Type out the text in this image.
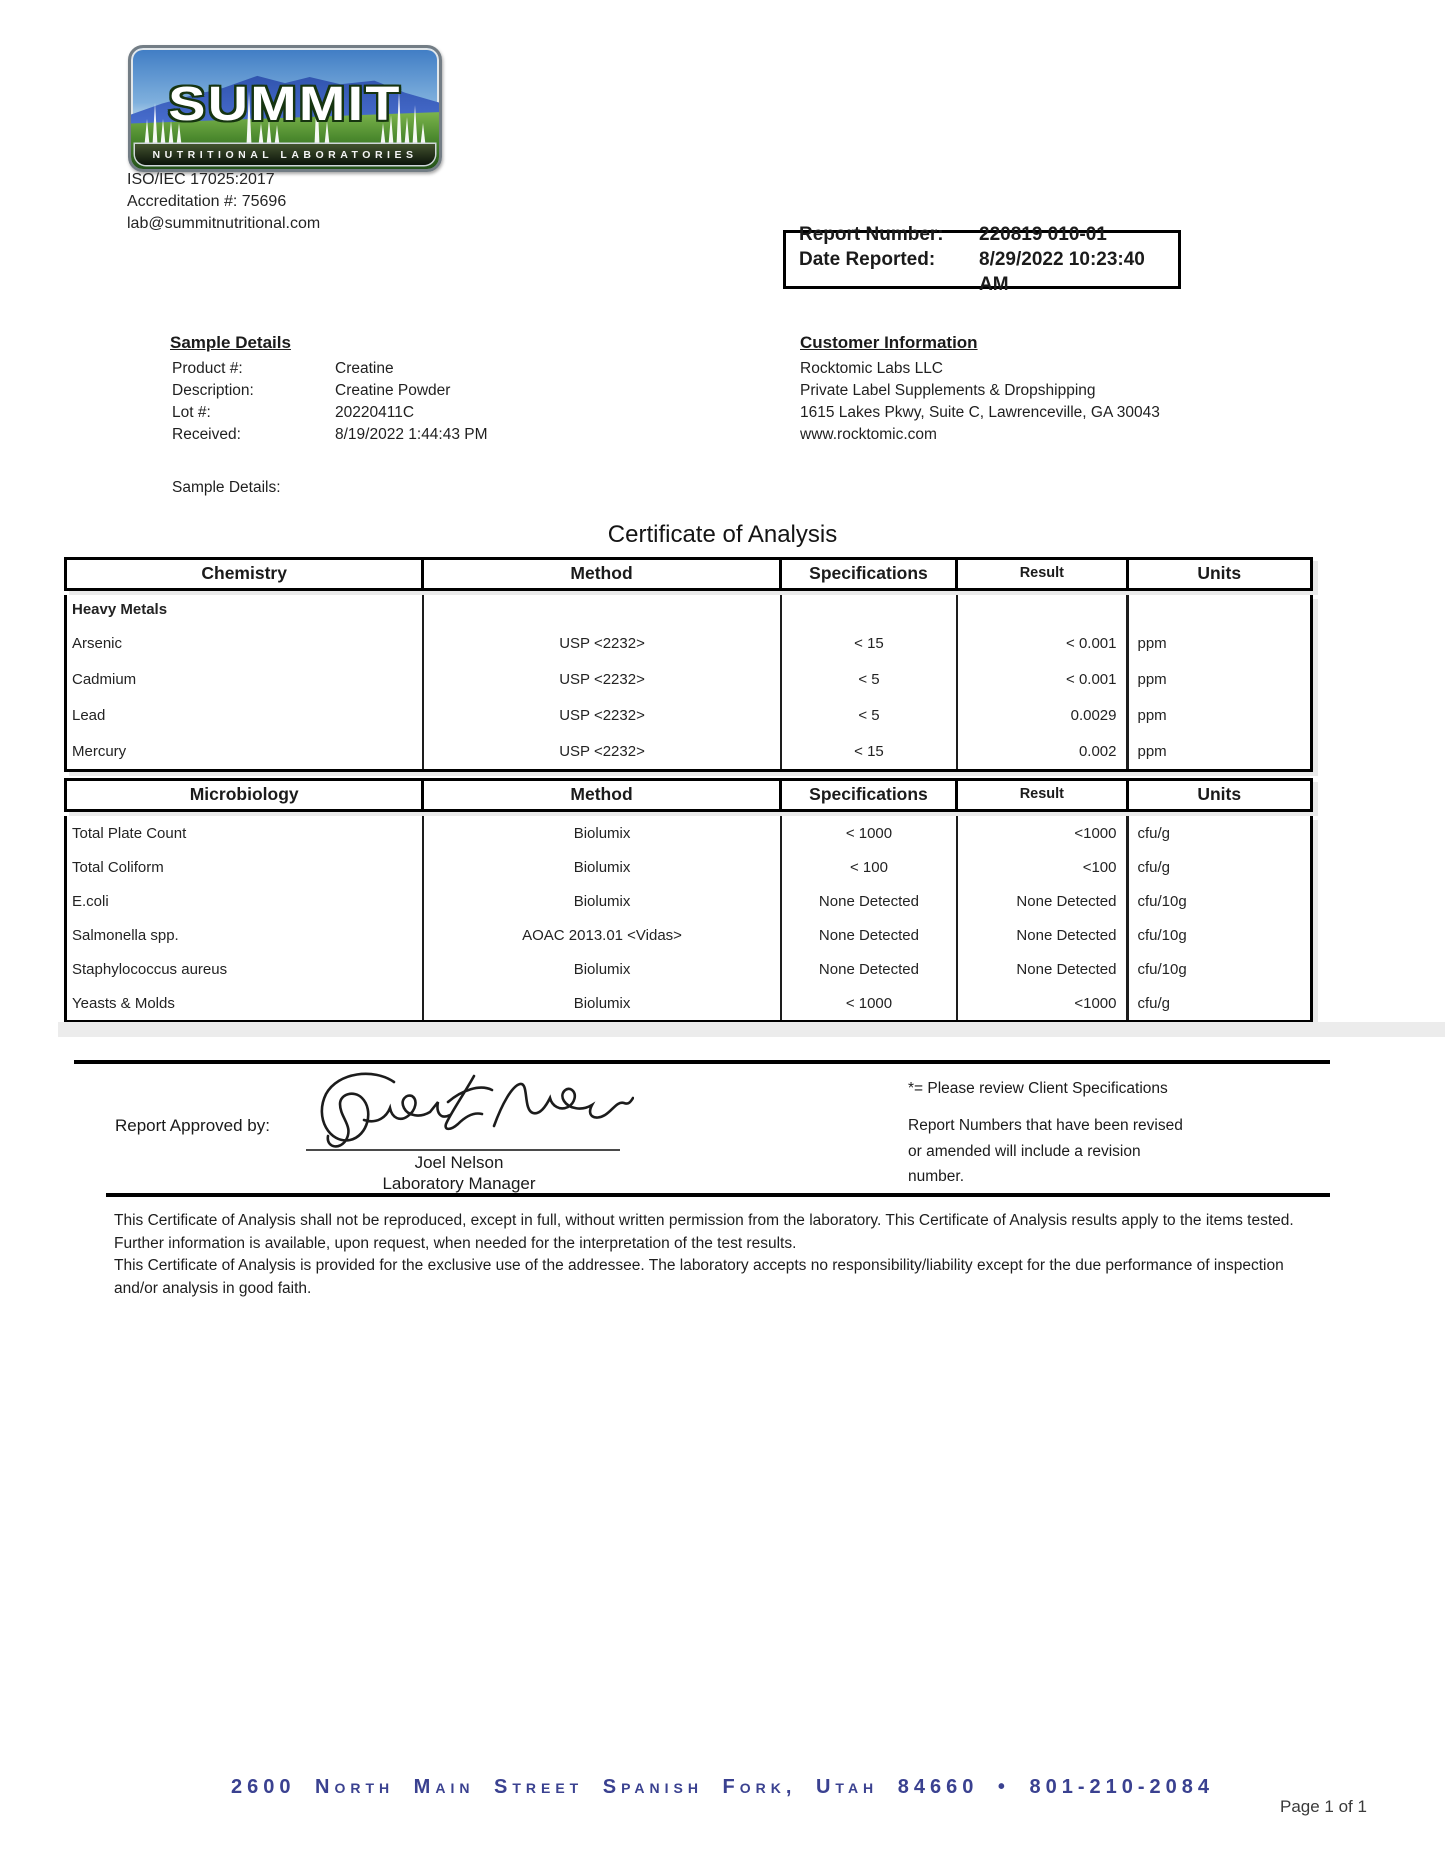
SUMMIT
NUTRITIONAL LABORATORIES
ISO/IEC 17025:2017
Accreditation #: 75696
lab@summitnutritional.com
Report Number:	220819 010-01
Date Reported:	8/29/2022 10:23:40 AM
Sample Details
Product #:	Creatine
Description:	Creatine Powder
Lot #:	20220411C
Received:	8/19/2022 1:44:43 PM
Sample Details:
Customer Information
Rocktomic Labs LLC
Private Label Supplements & Dropshipping
1615 Lakes Pkwy, Suite C, Lawrenceville, GA 30043
www.rocktomic.com
Certificate of Analysis
Chemistry	Method	Specifications	Result	Units
Heavy Metals
Arsenic	USP <2232>	< 15	< 0.001	ppm
Cadmium	USP <2232>	< 5	< 0.001	ppm
Lead	USP <2232>	< 5	0.0029	ppm
Mercury	USP <2232>	< 15	0.002	ppm
Microbiology	Method	Specifications	Result	Units
Total Plate Count	Biolumix	< 1000	<1000	cfu/g
Total Coliform	Biolumix	< 100	<100	cfu/g
E.coli	Biolumix	None Detected	None Detected	cfu/10g
Salmonella spp.	AOAC 2013.01 <Vidas>	None Detected	None Detected	cfu/10g
Staphylococcus aureus	Biolumix	None Detected	None Detected	cfu/10g
Yeasts & Molds	Biolumix	< 1000	<1000	cfu/g
Report Approved by:
Joel Nelson
Laboratory Manager
*= Please review Client Specifications
Report Numbers that have been revised or amended will include a revision number.

This Certificate of Analysis shall not be reproduced, except in full, without written permission from the laboratory. This Certificate of Analysis results apply to the items tested. Further information is available, upon request, when needed for the interpretation of the test results.

This Certificate of Analysis is provided for the exclusive use of the addressee. The laboratory accepts no responsibility/liability except for the due performance of inspection and/or analysis in good faith.

2600 North Main Street Spanish Fork, Utah 84660 • 801-210-2084
Page 1 of 1
